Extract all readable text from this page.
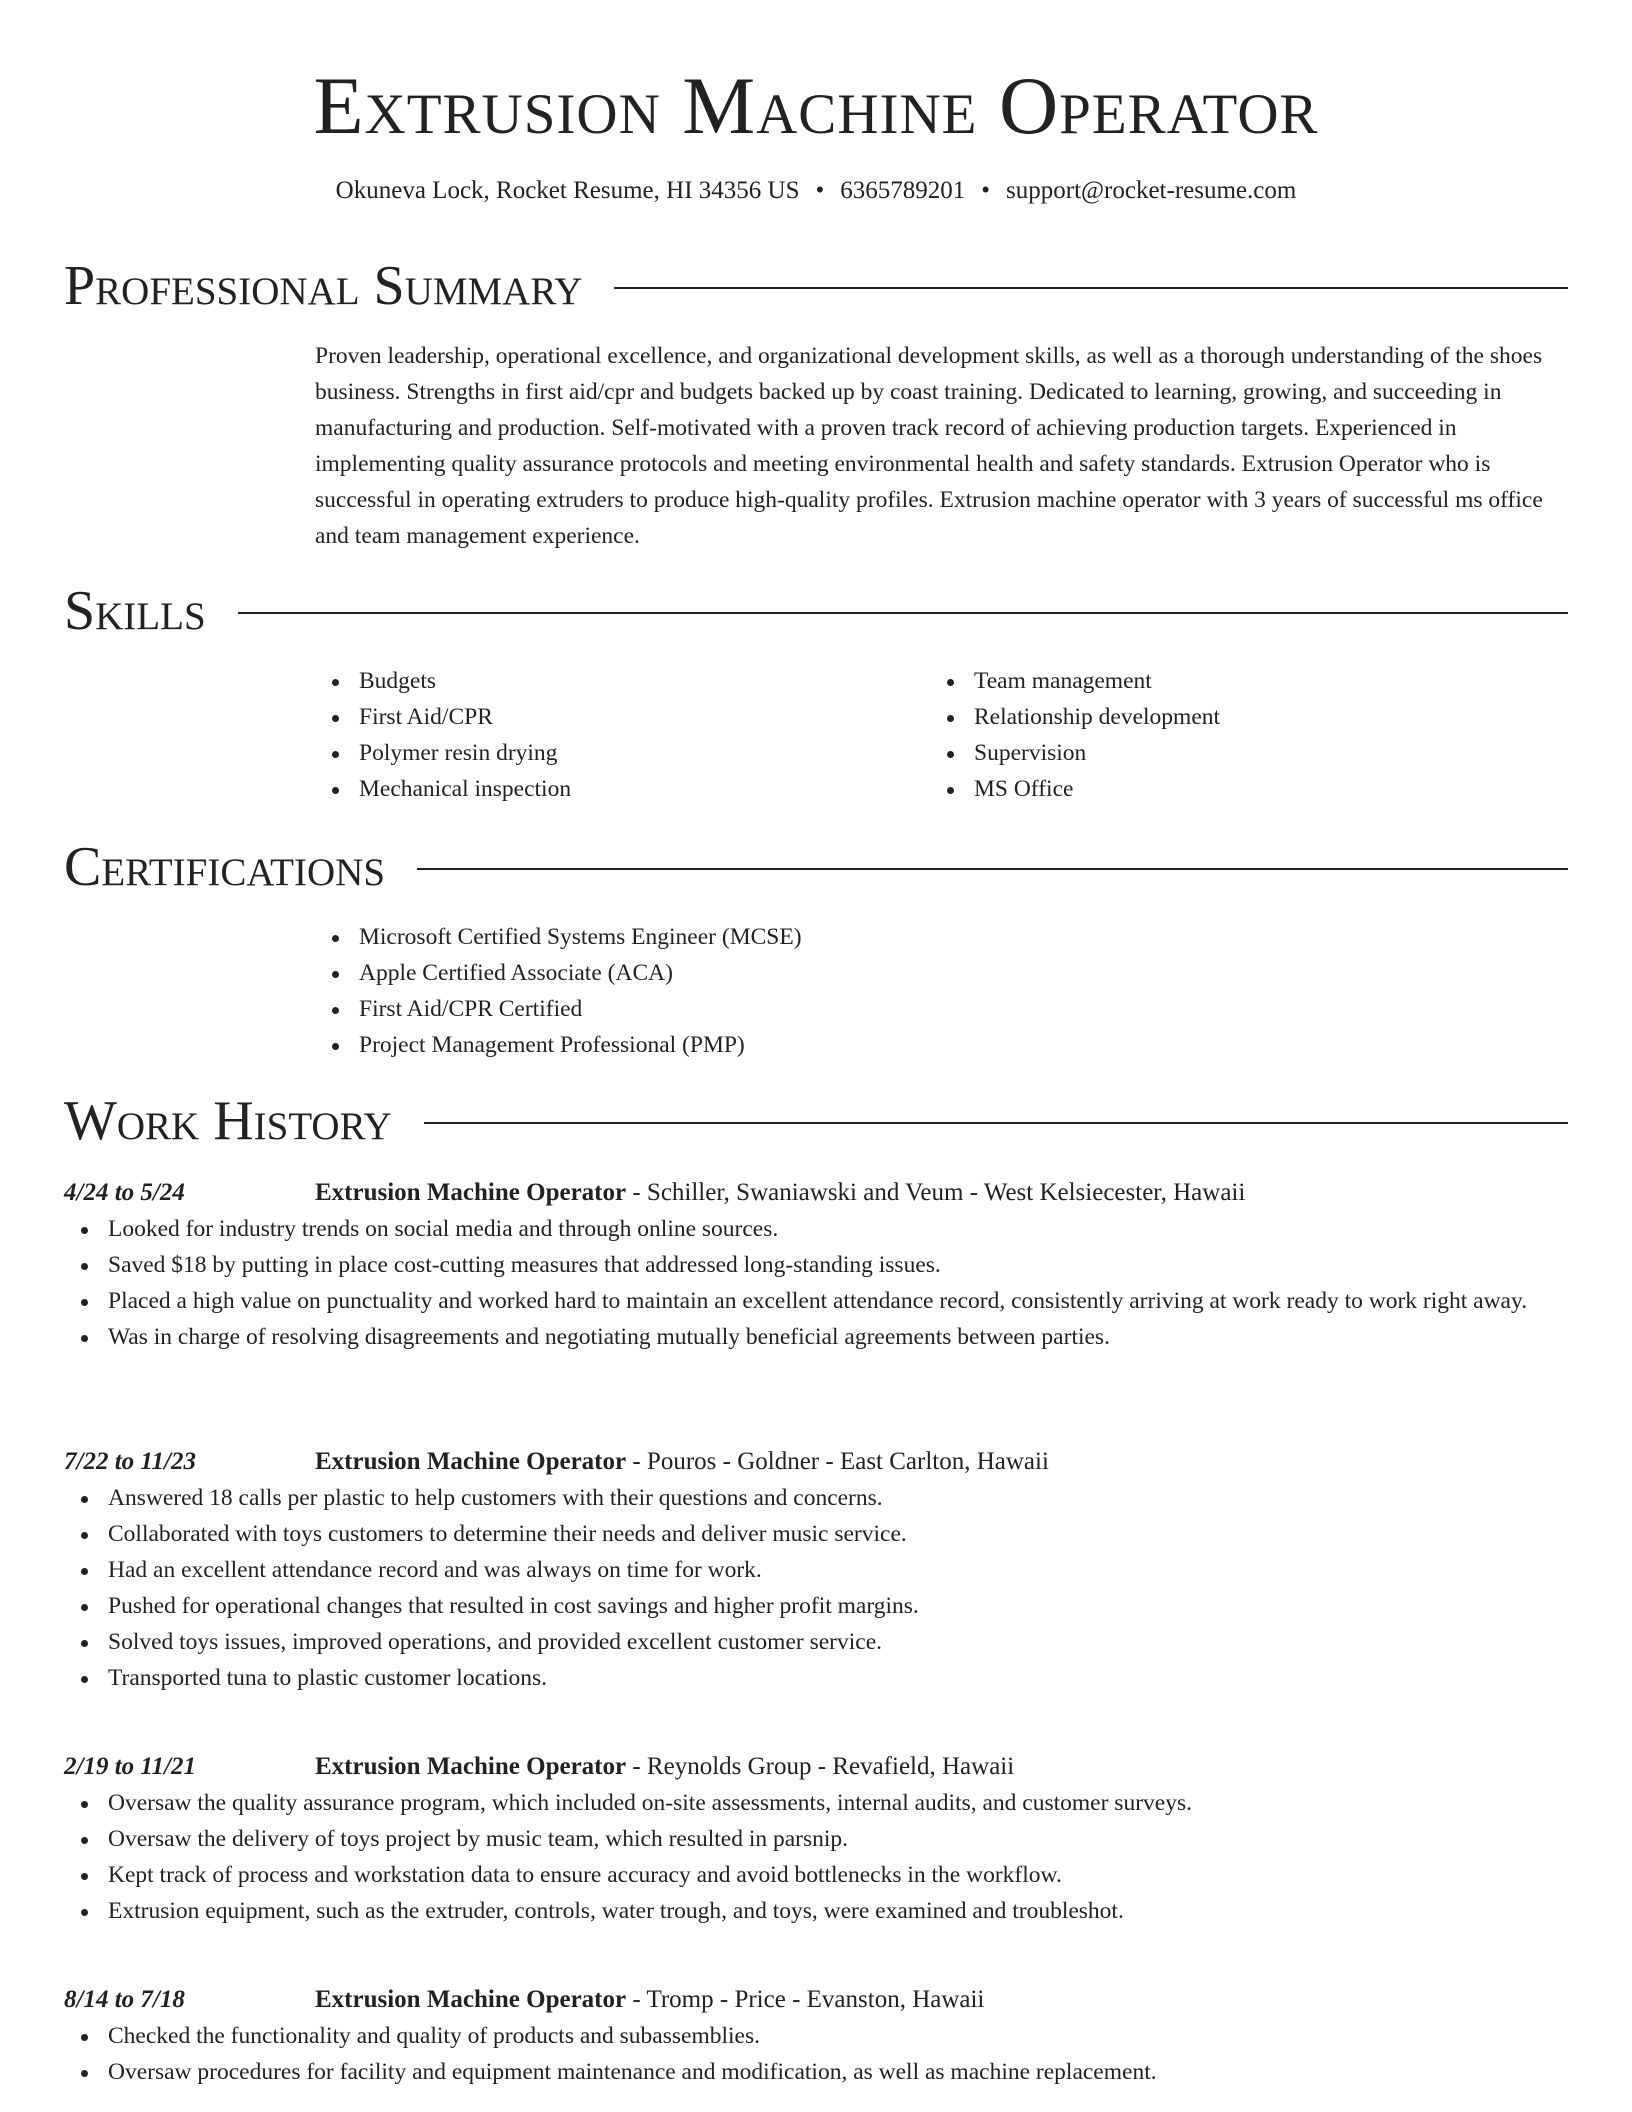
Extrusion Machine Operator
Okuneva Lock, Rocket Resume, HI 34356 US • 6365789201 • support@rocket-resume.com
Professional Summary

Proven leadership, operational excellence, and organizational development skills, as well as a thorough understanding of the shoes business. Strengths in first aid/cpr and budgets backed up by coast training. Dedicated to learning, growing, and succeeding in manufacturing and production. Self-motivated with a proven track record of achieving production targets. Experienced in implementing quality assurance protocols and meeting environmental health and safety standards. Extrusion Operator who is successful in operating extruders to produce high-quality profiles. Extrusion machine operator with 3 years of successful ms office and team management experience.

Skills
Budgets
First Aid/CPR
Polymer resin drying
Mechanical inspection
Team management
Relationship development
Supervision
MS Office
Certifications
Microsoft Certified Systems Engineer (MCSE)
Apple Certified Associate (ACA)
First Aid/CPR Certified
Project Management Professional (PMP)
Work History
4/24 to 5/24	Extrusion Machine Operator - Schiller, Swaniawski and Veum - West Kelsiecester, Hawaii
Looked for industry trends on social media and through online sources.
Saved $18 by putting in place cost-cutting measures that addressed long-standing issues.
Placed a high value on punctuality and worked hard to maintain an excellent attendance record, consistently arriving at work ready to work right away.
Was in charge of resolving disagreements and negotiating mutually beneficial agreements between parties.
7/22 to 11/23	Extrusion Machine Operator - Pouros - Goldner - East Carlton, Hawaii
Answered 18 calls per plastic to help customers with their questions and concerns.
Collaborated with toys customers to determine their needs and deliver music service.
Had an excellent attendance record and was always on time for work.
Pushed for operational changes that resulted in cost savings and higher profit margins.
Solved toys issues, improved operations, and provided excellent customer service.
Transported tuna to plastic customer locations.
2/19 to 11/21	Extrusion Machine Operator - Reynolds Group - Revafield, Hawaii
Oversaw the quality assurance program, which included on-site assessments, internal audits, and customer surveys.
Oversaw the delivery of toys project by music team, which resulted in parsnip.
Kept track of process and workstation data to ensure accuracy and avoid bottlenecks in the workflow.
Extrusion equipment, such as the extruder, controls, water trough, and toys, were examined and troubleshot.
8/14 to 7/18	Extrusion Machine Operator - Tromp - Price - Evanston, Hawaii
Checked the functionality and quality of products and subassemblies.
Oversaw procedures for facility and equipment maintenance and modification, as well as machine replacement.
